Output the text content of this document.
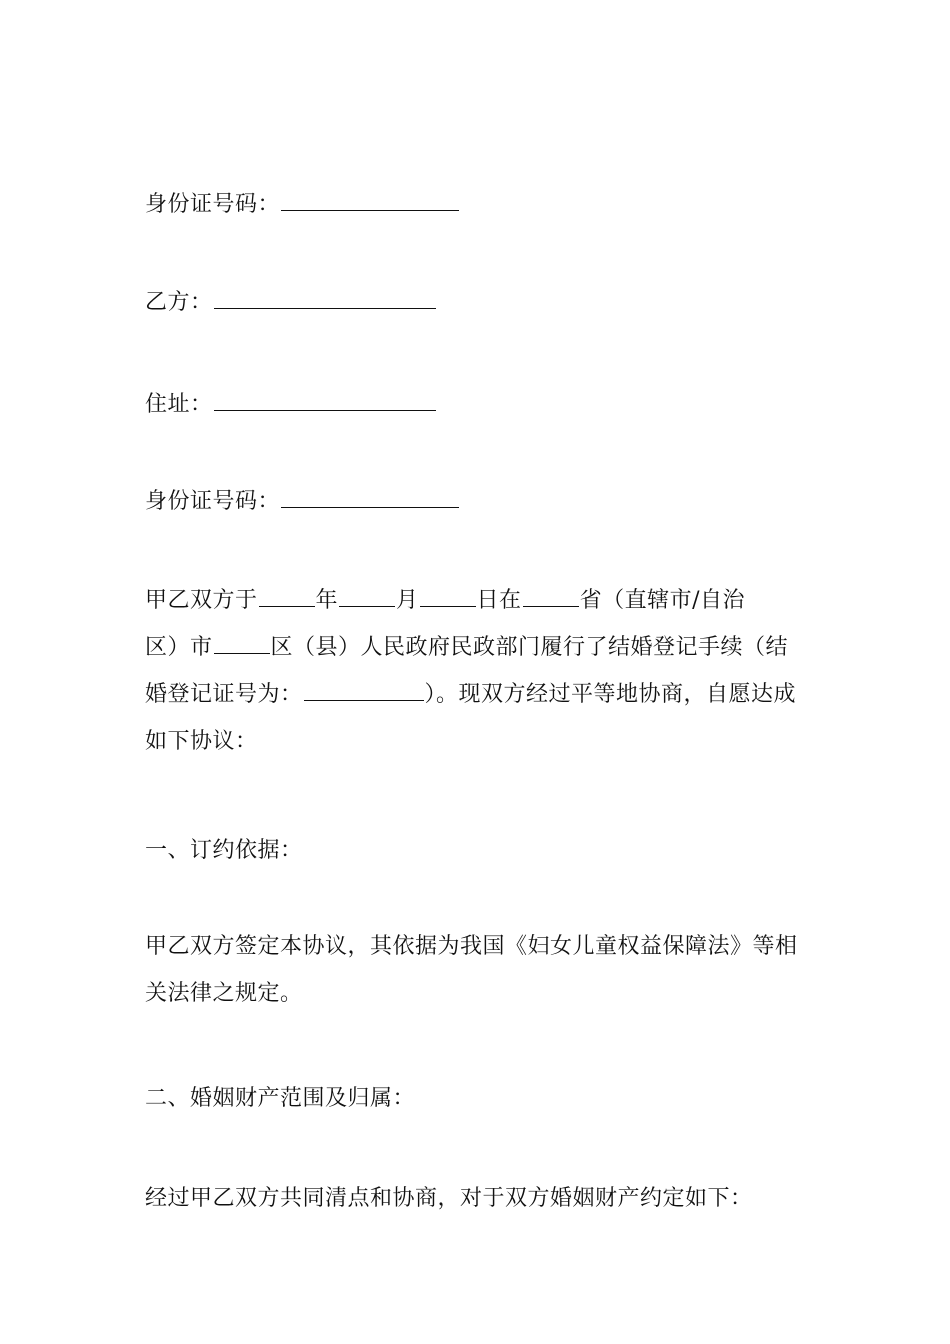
身份证号码：
乙方：
住址：
身份证号码：
甲乙双方于	年	月	日在	省（直辖市/自治
区）市	区（县）人民政府民政部门履行了结婚登记手续（结
婚登记证号为：	）。现双方经过平等地协商，自愿达成
如下协议：
一、订约依据：
甲乙双方签定本协议，其依据为我国《妇女儿童权益保障法》等相
关法律之规定。
二、婚姻财产范围及归属：
经过甲乙双方共同清点和协商，对于双方婚姻财产约定如下：
